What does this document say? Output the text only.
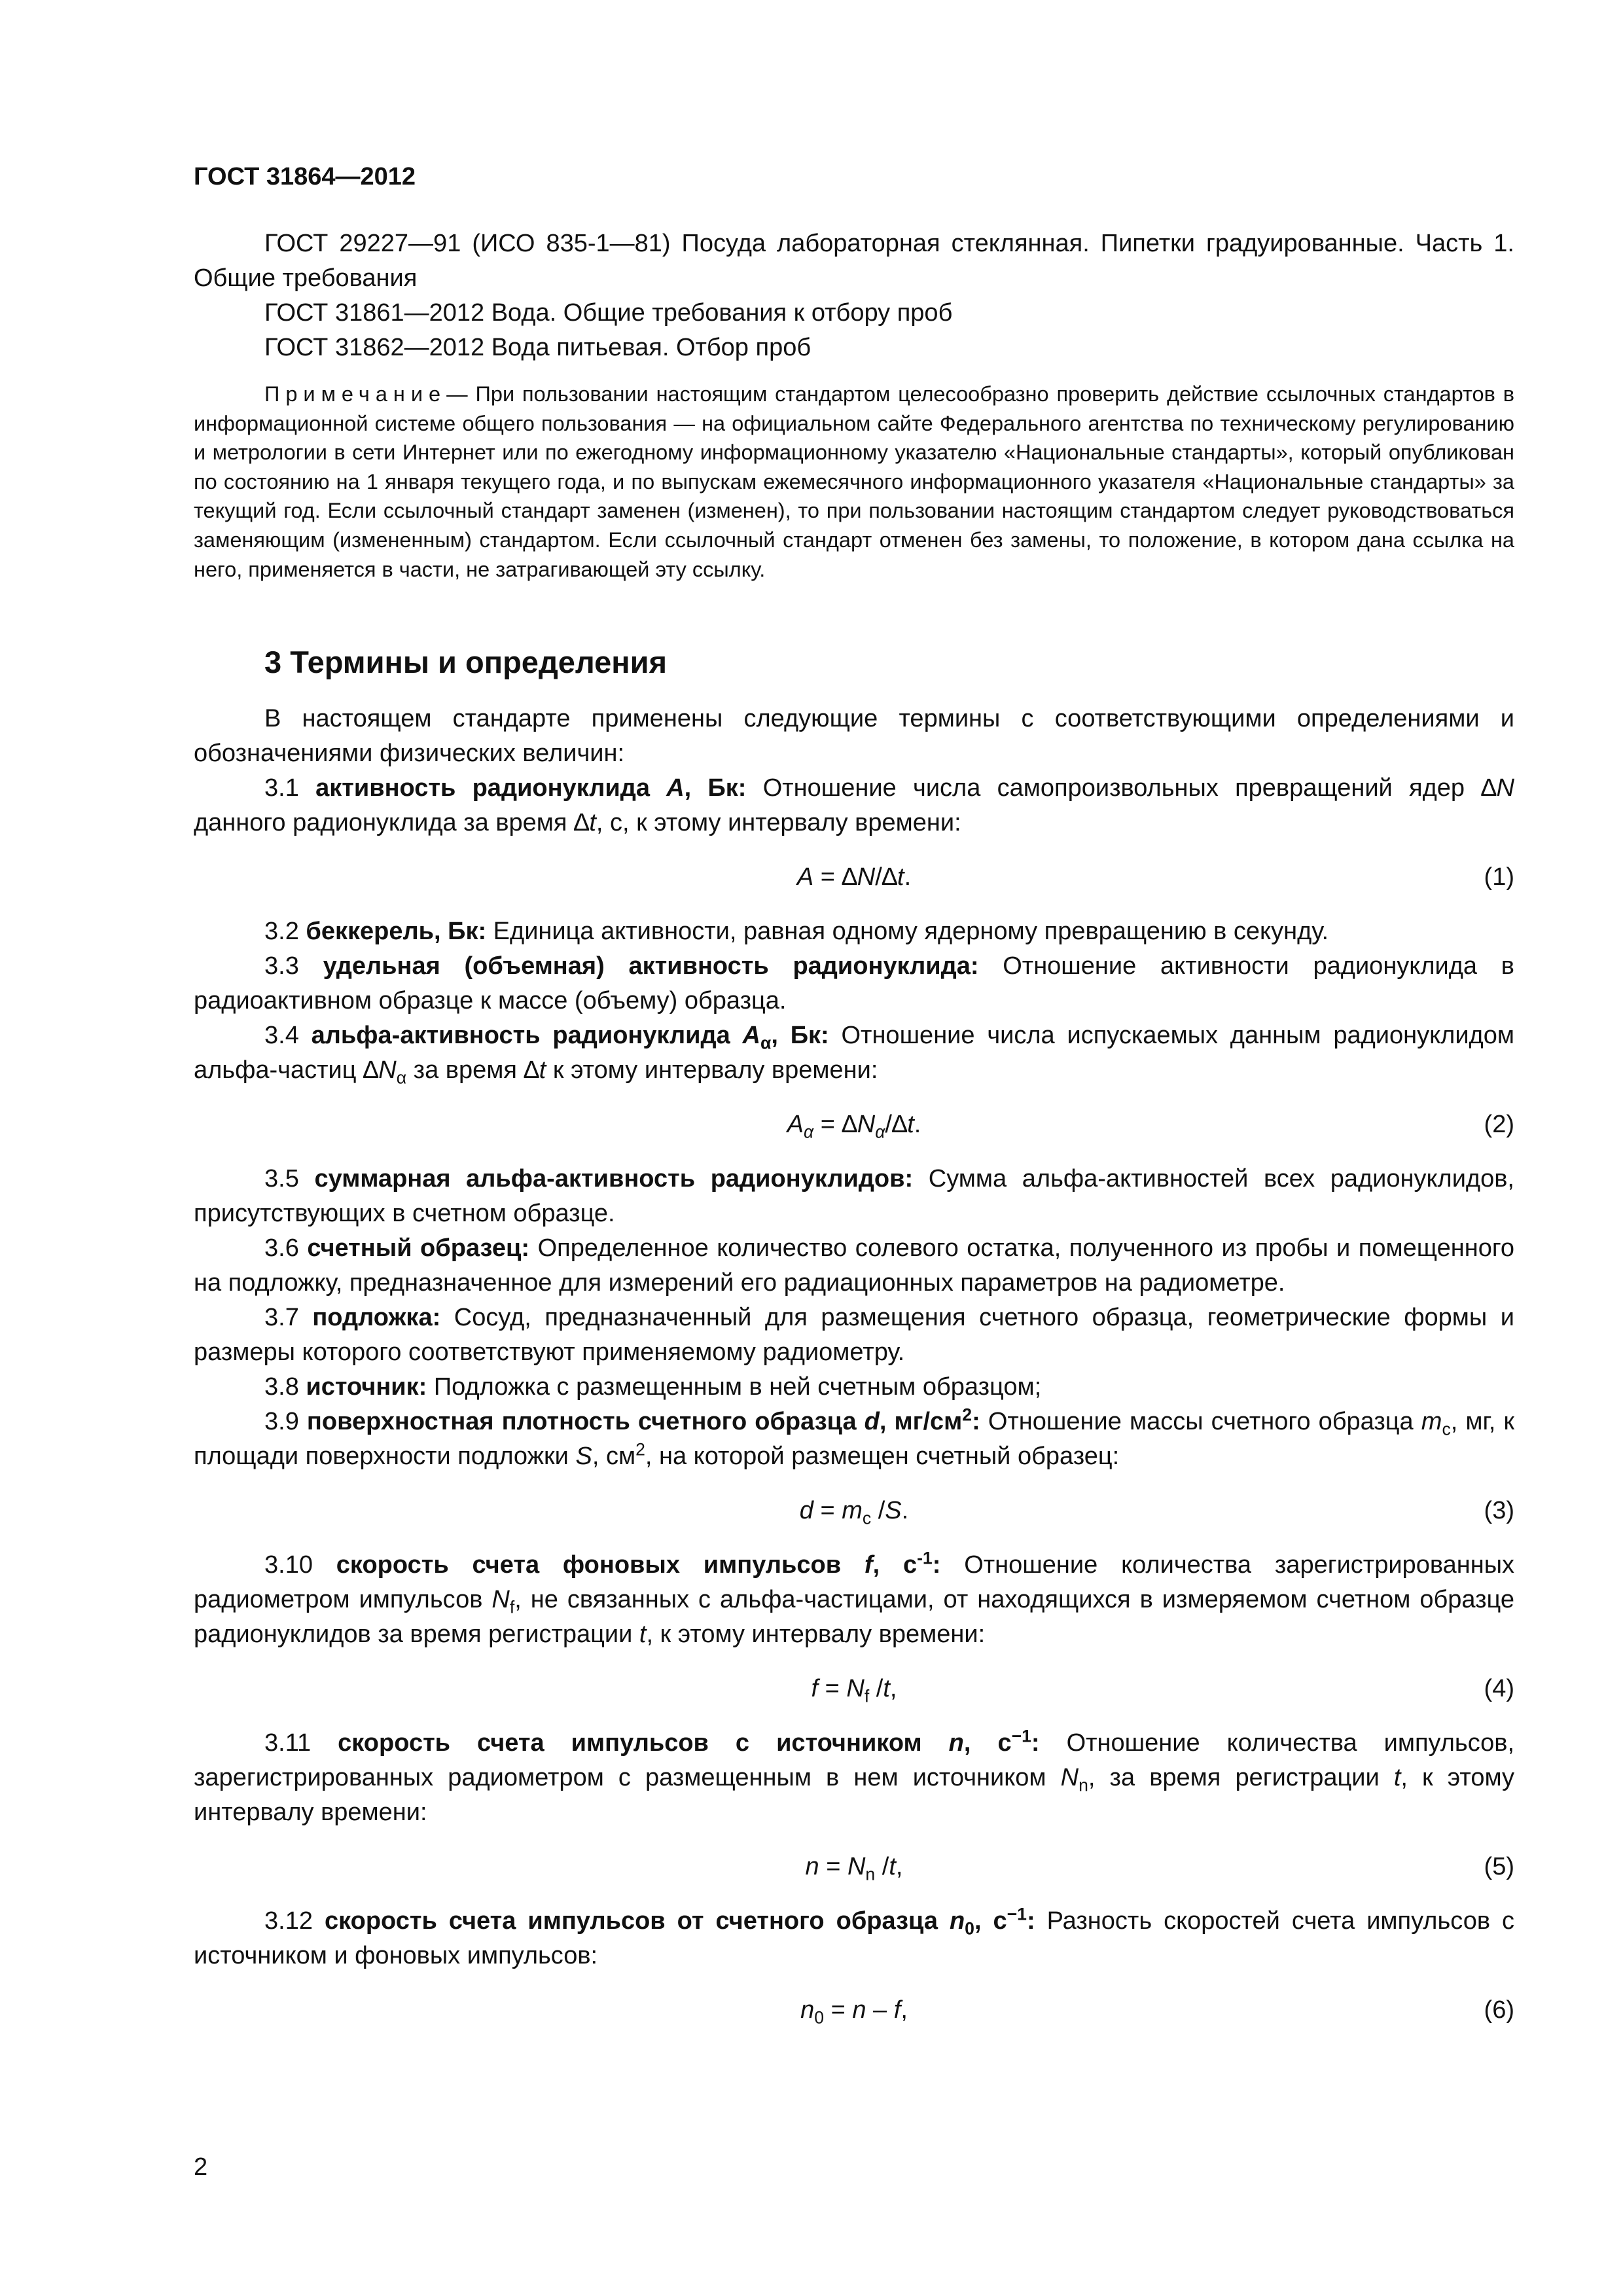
ГОСТ 31864—2012

ГОСТ 29227—91 (ИСО 835-1—81) Посуда лабораторная стеклянная. Пипетки градуированные. Часть 1. Общие требования

ГОСТ 31861—2012 Вода. Общие требования к отбору проб

ГОСТ 31862—2012 Вода питьевая. Отбор проб

Примечание— При пользовании настоящим стандартом целесообразно проверить действие ссылочных стандартов в информационной системе общего пользования — на официальном сайте Федерального агентства по техническому регулированию и метрологии в сети Интернет или по ежегодному информационному указателю «Национальные стандарты», который опубликован по состоянию на 1 января текущего года, и по выпускам ежемесячного информационного указателя «Национальные стандарты» за текущий год. Если ссылочный стандарт заменен (изменен), то при пользовании настоящим стандартом следует руководствоваться заменяющим (измененным) стандартом. Если ссылочный стандарт отменен без замены, то положение, в котором дана ссылка на него, применяется в части, не затрагивающей эту ссылку.

3 Термины и определения

В настоящем стандарте применены следующие термины с соответствующими определениями и обозначениями физических величин:

3.1 активность радионуклида A, Бк: Отношение числа самопроизвольных превращений ядер ∆N данного радионуклида за время ∆t, с, к этому интервалу времени:

A = ∆N/∆t.	(1)

3.2 беккерель, Бк: Единица активности, равная одному ядерному превращению в секунду.

3.3 удельная (объемная) активность радионуклида: Отношение активности радионуклида в радиоактивном образце к массе (объему) образца.

3.4 альфа-активность радионуклида $A_\alpha$, Бк: Отношение числа испускаемых данным радионуклидом альфа-частиц $\Delta N_\alpha$ за время ∆t к этому интервалу времени:

$A_\alpha = \Delta N_\alpha/\Delta t$.	(2)

3.5 суммарная альфа-активность радионуклидов: Сумма альфа-активностей всех радионуклидов, присутствующих в счетном образце.

3.6 счетный образец: Определенное количество солевого остатка, полученного из пробы и помещенного на подложку, предназначенное для измерений его радиационных параметров на радиометре.

3.7 подложка: Сосуд, предназначенный для размещения счетного образца, геометрические формы и размеры которого соответствуют применяемому радиометру.

3.8 источник: Подложка с размещенным в ней счетным образцом;

3.9 поверхностная плотность счетного образца d, $мг/см^2$: Отношение массы счетного образца $m_c$, мг, к площади поверхности подложки S, $см^2$, на которой размещен счетный образец:

$d = m_c$ /S.	(3)

3.10 скорость счета фоновых импульсов f, $с^{-1}$: Отношение количества зарегистрированных радиометром импульсов $N_f$, не связанных с альфа-частицами, от находящихся в измеряемом счетном образце радионуклидов за время регистрации t, к этому интервалу времени:

$f = N_f$ /t,	(4)

3.11 скорость счета импульсов с источником n, $с^{-1}$: Отношение количества импульсов, зарегистрированных радиометром с размещенным в нем источником $N_n$, за время регистрации t, к этому интервалу времени:

$n = N_n$ /t,	(5)

3.12 скорость счета импульсов от счетного образца $n_0$, $с^{-1}$: Разность скоростей счета импульсов с источником и фоновых импульсов:

$n_0 = n - f$,	(6)
2
